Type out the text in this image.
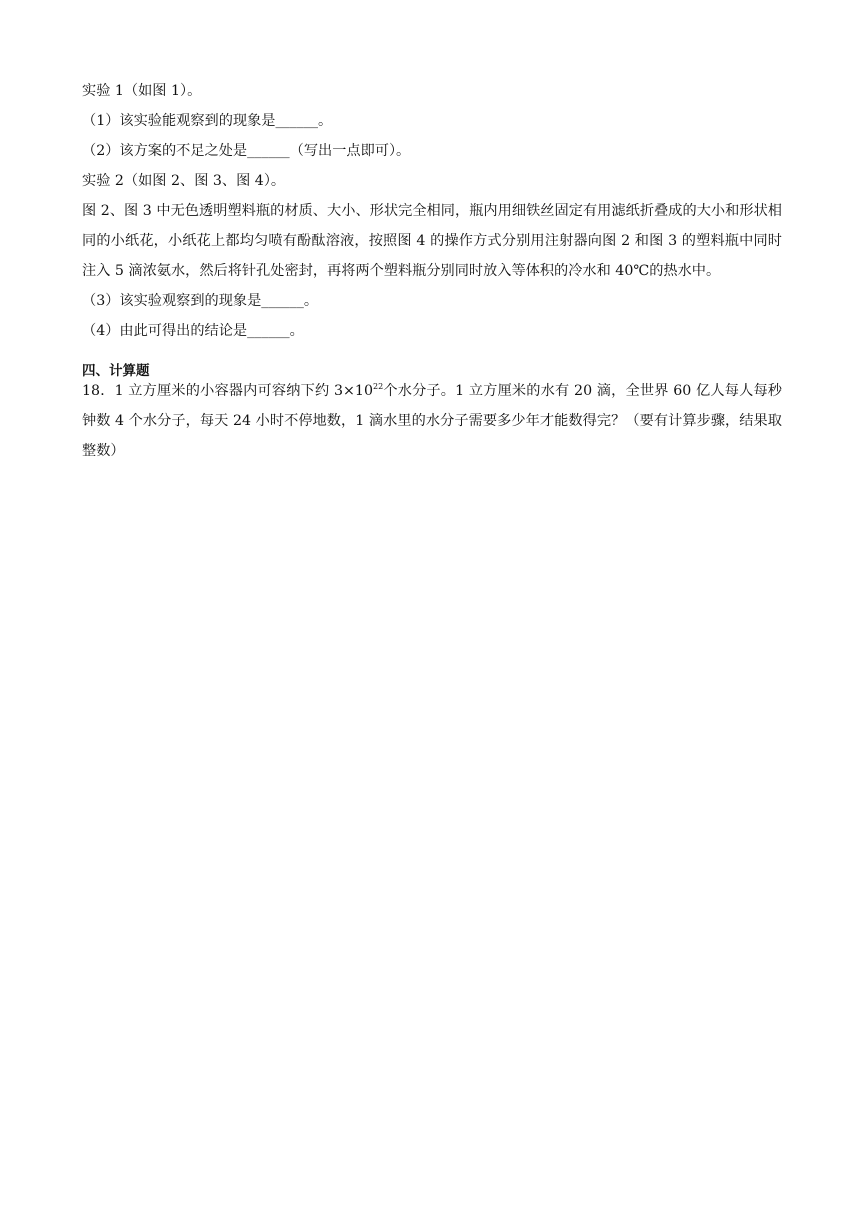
实验 1（如图 1）。
（1）该实验能观察到的现象是______。
（2）该方案的不足之处是______（写出一点即可）。
实验 2（如图 2、图 3、图 4）。
图 2、图 3 中无色透明塑料瓶的材质、大小、形状完全相同，瓶内用细铁丝固定有用滤纸折叠成的大小和形状相同的小纸花，小纸花上都均匀喷有酚酞溶液，按照图 4 的操作方式分别用注射器向图 2 和图 3 的塑料瓶中同时注入 5 滴浓氨水，然后将针孔处密封，再将两个塑料瓶分别同时放入等体积的冷水和 40℃的热水中。
（3）该实验观察到的现象是______。
（4）由此可得出的结论是______。
四、计算题
18．1 立方厘米的小容器内可容纳下约 $3\times 10^{22}$个水分子。1 立方厘米的水有 20 滴，全世界 60 亿人每人每秒钟数 4 个水分子，每天 24 小时不停地数，1 滴水里的水分子需要多少年才能数得完？（要有计算步骤，结果取整数）
